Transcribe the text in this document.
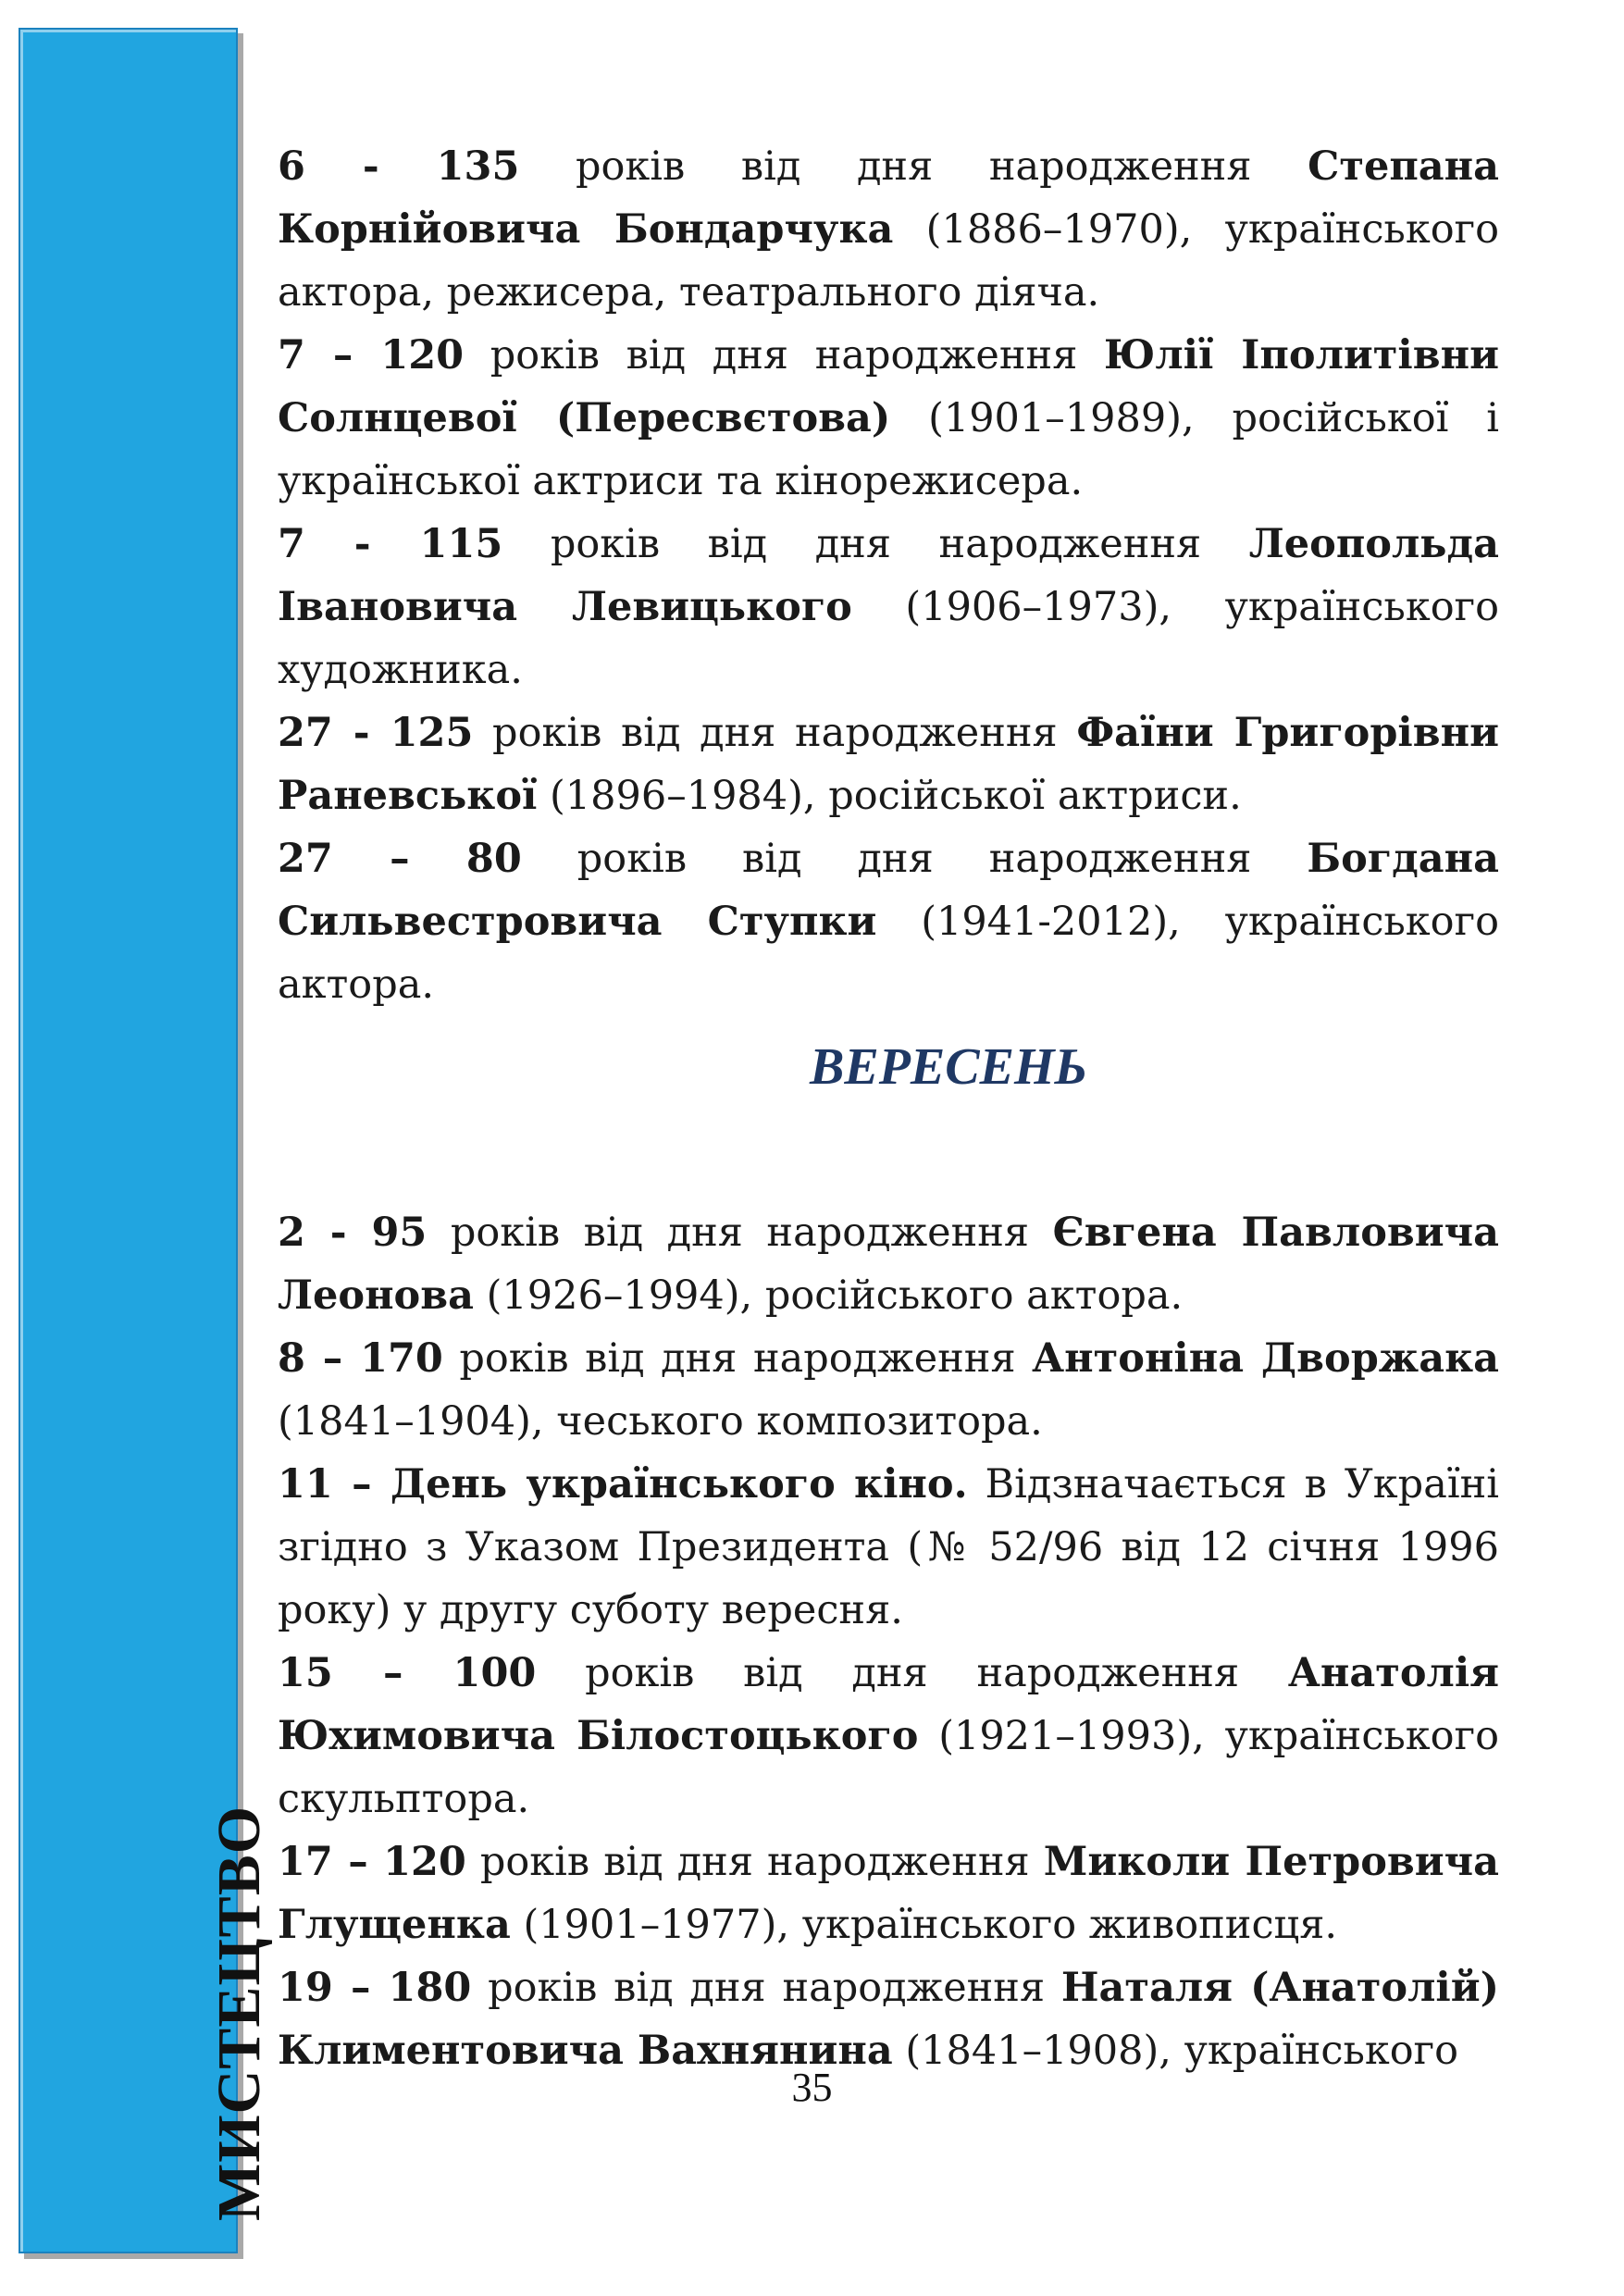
МИСТЕЦТВО

6 - 135 років від дня народження Степана Корнійовича Бондарчука (1886–1970), українського актора, режисера, театрального діяча.

7 – 120 років від дня народження Юлії Іполитівни Солнцевої (Пересвєтова) (1901–1989), російської і української актриси та кінорежисера.

7 - 115 років від дня народження Леопольда Івановича Левицького (1906–1973), українського художника.

27 - 125 років від дня народження Фаїни Григорівни Раневської (1896–1984), російської актриси.

27 – 80 років від дня народження Богдана Сильвестровича Ступки (1941-2012), українського актора.

ВЕРЕСЕНЬ

2 - 95 років від дня народження Євгена Павловича Леонова (1926–1994), російського актора.

8 – 170 років від дня народження Антоніна Дворжака (1841–1904), чеського композитора.

11 – День українського кіно. Відзначається в Україні згідно з Указом Президента (№ 52/96 від 12 січня 1996 року) у другу суботу вересня.

15 – 100 років від дня народження Анатолія Юхимовича Білостоцького (1921–1993), українського скульптора.

17 – 120 років від дня народження Миколи Петровича Глущенка (1901–1977), українського живописця.

19 – 180 років від дня народження Наталя (Анатолій) Климентовича Вахнянина (1841–1908), українського

35
